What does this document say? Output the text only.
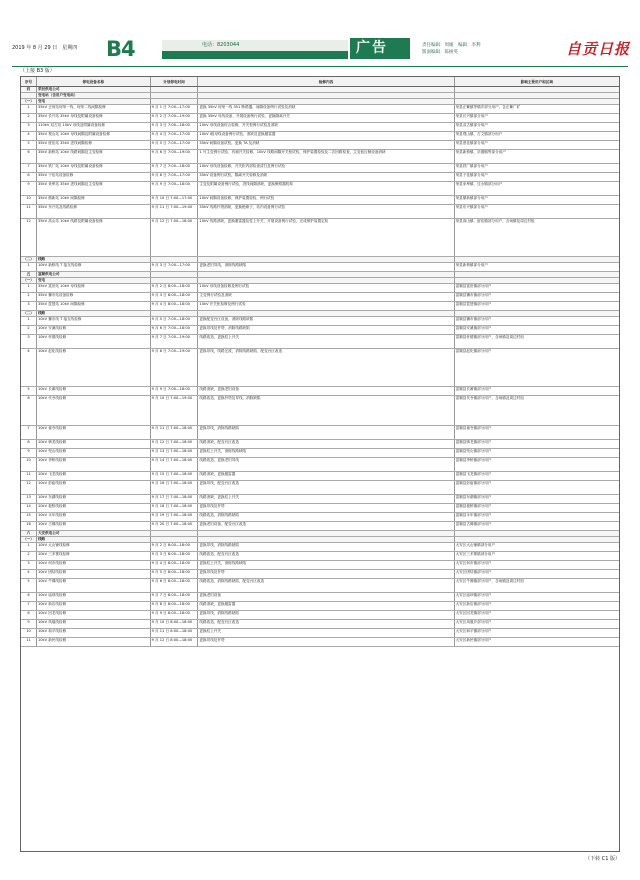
2019 年 8 月 29 日　星期四 B4	电话：8203044	广告	责任编辑：周媛　编辑：李利
版面编辑：陈树英	自贡日报
（上接 B3 版）
序号	停电设备名称	计划停电时间	检修内容	影响主要用户和区域
四	荣县供电公司
变电站（含用户变电站）
（一）	变电
1	35kV 正何站何荣一线、何荣二线间隔检修	9 月 1 日 7:00—17:00	更换 35kV 何荣一线 351 断路器，间隔设备例行试验及消缺	荣县正紫镇等镇乡部分用户，含正紫厂矿
2	35kV 长兴站 35kV 母线及附属设备检修	9 月 2 日 7:00—19:00	更换 35kV 母线设备、开展设备例行试验，更换隔离开关	荣县长兴镇部分用户
3	110kV 双古站 10kV 母线及附属设备检修	9 月 3 日 7:00—18:00	10kV 母线设备综合检修，开关柜例行试验及消缺	荣县双古镇部分用户
4	35kV 观山站 10kV 母线间隔及附属设备检修	9 月 4 日 7:00—17:00	10kV Ⅰ段母线设备例行试验，消缺及更换避雷器	荣县观山镇、古文镇部分用户
5	35kV 度佳站 35kV 进线间隔检修	9 月 5 日 7:00—17:00	35kV 间隔设备试验，更换 TA 及消缺	荣县度佳镇部分用户
6	35kV 新桥站 10kV 线路间隔及主变检修	9 月 6 日 7:00—19:00	1 号主变例行试验、有载开关检修，10kV 线路间隔开关柜试验，保护装置检验及二次回路检查，主变低压侧设备消缺	荣县新桥镇、乐德镇等部分用户
7	35kV 铁厂站 10kV 母线及附属设备检修	9 月 7 日 7:00—18:00	10kV 母线设备检修，开关柜内部检查清扫及例行试验	荣县铁厂镇部分用户
8	35kV 于佳站设备检修	9 月 8 日 7:00—17:00	35kV 设备例行试验，隔离开关检修及消缺	荣县于佳镇部分用户
9	35kV 来牟站 35kV 进线间隔及主变检修	9 月 9 日 7:00—18:00	主变及附属设备例行试验，进线间隔消缺，更换断路器机构	荣县来牟镇、过水镇部分用户
10	35kV 鼎新站 10kV 间隔检修	9 月 10 日 7:00—17:00	10kV 间隔设备检修，保护装置检验，例行试验	荣县鼎新镇部分用户
11	35kV 东兴站及线路检修	9 月 11 日 7:00—19:00	35kV 线路杆塔消缺，更换绝缘子，站内设备例行试验	荣县东兴镇部分用户
12	35kV 高山站 10kV 线路及附属设备检修	9 月 12 日 7:00—18:00	10kV 线路消缺，更换避雷器及柱上开关，开展设备例行试验，完成保护装置定检	荣县高山镇、留佳镇部分用户，含场镇及周边村组
（二）	线路
1	10kV 新桥线 T 接支线检修	9 月 3 日 7:00—17:00	更换老旧导线，消除线路缺陷	荣县新桥镇部分用户
五	富顺供电公司
（一）	变电
1	35kV 富世站 10kV 母线检修	9 月 2 日 8:00—18:00	10kV 母线设备检修及例行试验	富顺县富世镇部分用户
2	35kV 狮市站设备检修	9 月 3 日 8:00—18:00	主变例行试验及消缺	富顺县狮市镇部分用户
3	35kV 琵琶站 10kV 间隔检修	9 月 4 日 8:00—18:00	10kV 开关柜检修及例行试验	富顺县琵琶镇部分用户
（二）	线路
1	10kV 狮市线 T 接支线检修	9 月 5 日 7:00—18:00	更换配变台区设备，消除线路缺陷	富顺县狮市镇部分用户
2	10kV 安溪线检修	9 月 6 日 7:00—18:00	更换导线及杆塔，消除线路缺陷	富顺县安溪镇部分用户
3	10kV 怀德线检修	9 月 7 日 7:00—19:00	线路改造，更换柱上开关	富顺县怀德镇部分用户，含场镇及周边村组
4	10kV 赵化线检修	9 月 8 日 7:00—19:00	更换导线，线路迁改，消除线路缺陷，配变台区改造	富顺县赵化镇部分用户
5	10kV 长滩线检修	9 月 9 日 7:00—18:00	线路消缺，更换老旧设备	富顺县长滩镇部分用户
6	10kV 代寺线检修	9 月 10 日 7:00—19:00	线路改造，更换杆塔及导线，消除缺陷	富顺县代寺镇部分用户，含场镇及周边村组
7	10kV 童寺线检修	9 月 11 日 7:00—18:00	更换导线，消除线路缺陷	富顺县童寺镇部分用户
8	10kV 骑龙线检修	9 月 12 日 7:00—18:00	线路消缺，配变台区改造	富顺县骑龙镇部分用户
9	10kV 兜山线检修	9 月 13 日 7:00—18:00	更换柱上开关，消除线路缺陷	富顺县兜山镇部分用户
10	10kV 李桥线检修	9 月 14 日 7:00—18:00	线路改造，更换老旧导线	富顺县李桥镇部分用户
11	10kV 飞龙线检修	9 月 15 日 7:00—18:00	线路消缺，更换避雷器	富顺县飞龙镇部分用户
12	10kV 彭庙线检修	9 月 16 日 7:00—18:00	更换导线，配变台区改造	富顺县彭庙镇部分用户
13	10kV 东湖线检修	9 月 17 日 7:00—18:00	线路消缺，更换柱上开关	富顺县东湖镇部分用户
14	10kV 板桥线检修	9 月 18 日 7:00—18:00	更换导线及杆塔	富顺县板桥镇部分用户
15	10kV 永年线检修	9 月 19 日 7:00—18:00	线路改造，消除线路缺陷	富顺县永年镇部分用户
16	10kV 古佛线检修	9 月 20 日 7:00—18:00	更换老旧设备，配变台区改造	富顺县古佛镇部分用户
六	大安供电公司
（一）	线路
1	10kV 大山铺线检修	9 月 2 日 8:00—18:00	更换导线，消除线路缺陷	大安区大山铺镇部分用户
2	10kV 三多寨线检修	9 月 3 日 8:00—18:00	线路改造，配变台区改造	大安区三多寨镇部分用户
3	10kV 何市线检修	9 月 4 日 8:00—18:00	更换柱上开关，消除线路缺陷	大安区何市镇部分用户
4	10kV 团结线检修	9 月 5 日 8:00—18:00	更换导线及杆塔	大安区团结镇部分用户
5	10kV 牛佛线检修	9 月 6 日 8:00—18:00	线路改造，消除线路缺陷，配变台区改造	大安区牛佛镇部分用户，含场镇及周边村组
6	10kV 庙坝线检修	9 月 7 日 8:00—18:00	更换老旧设备	大安区庙坝镇部分用户
7	10kV 新店线检修	9 月 8 日 8:00—18:00	线路消缺，更换避雷器	大安区新店镇部分用户
8	10kV 回龙线检修	9 月 9 日 8:00—18:00	更换导线，消除线路缺陷	大安区回龙镇部分用户
9	10kV 凤凰线检修	9 月 10 日 8:00—18:00	线路改造，配变台区改造	大安区凤凰乡部分用户
10	10kV 和平线检修	9 月 11 日 8:00—18:00	更换柱上开关	大安区和平镇部分用户
11	10kV 新民线检修	9 月 12 日 8:00—18:00	更换导线及杆塔	大安区新民镇部分用户
（下转 C1 版）
